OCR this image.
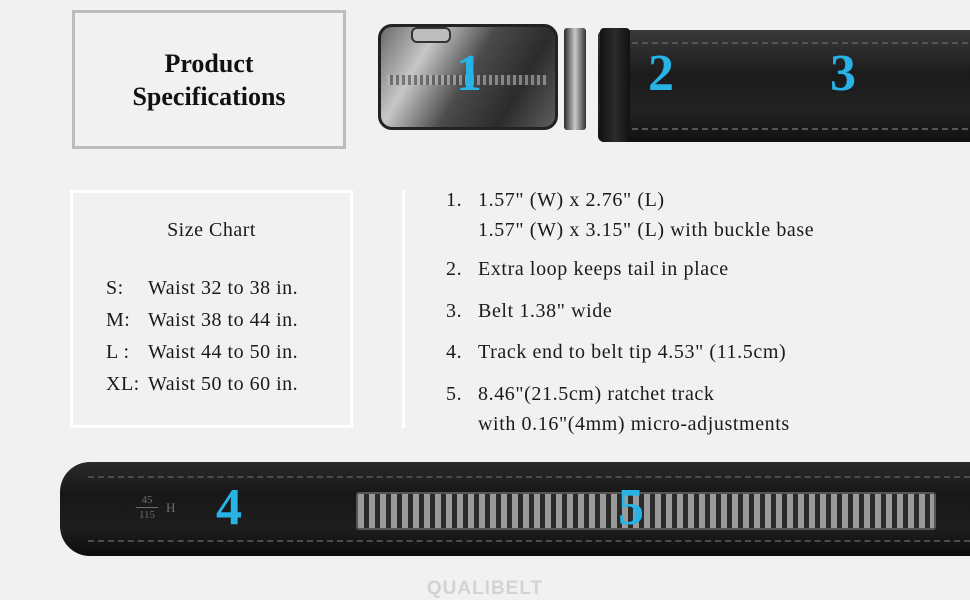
Product
Specifications	1	2	3
Size Chart
S: Waist 32 to 38 in.
M: Waist 38 to 44 in.
L : Waist 44 to 50 in.
XL: Waist 50 to 60 in.
1. 1.57" (W) x 2.76" (L)
1.57" (W) x 3.15" (L) with buckle base
2. Extra loop keeps tail in place
3. Belt 1.38" wide
4. Track end to belt tip 4.53" (11.5cm)
5. 8.46"(21.5cm) ratchet track
with 0.16"(4mm) micro-adjustments
45
115 H 4	5
QUALIBELT
